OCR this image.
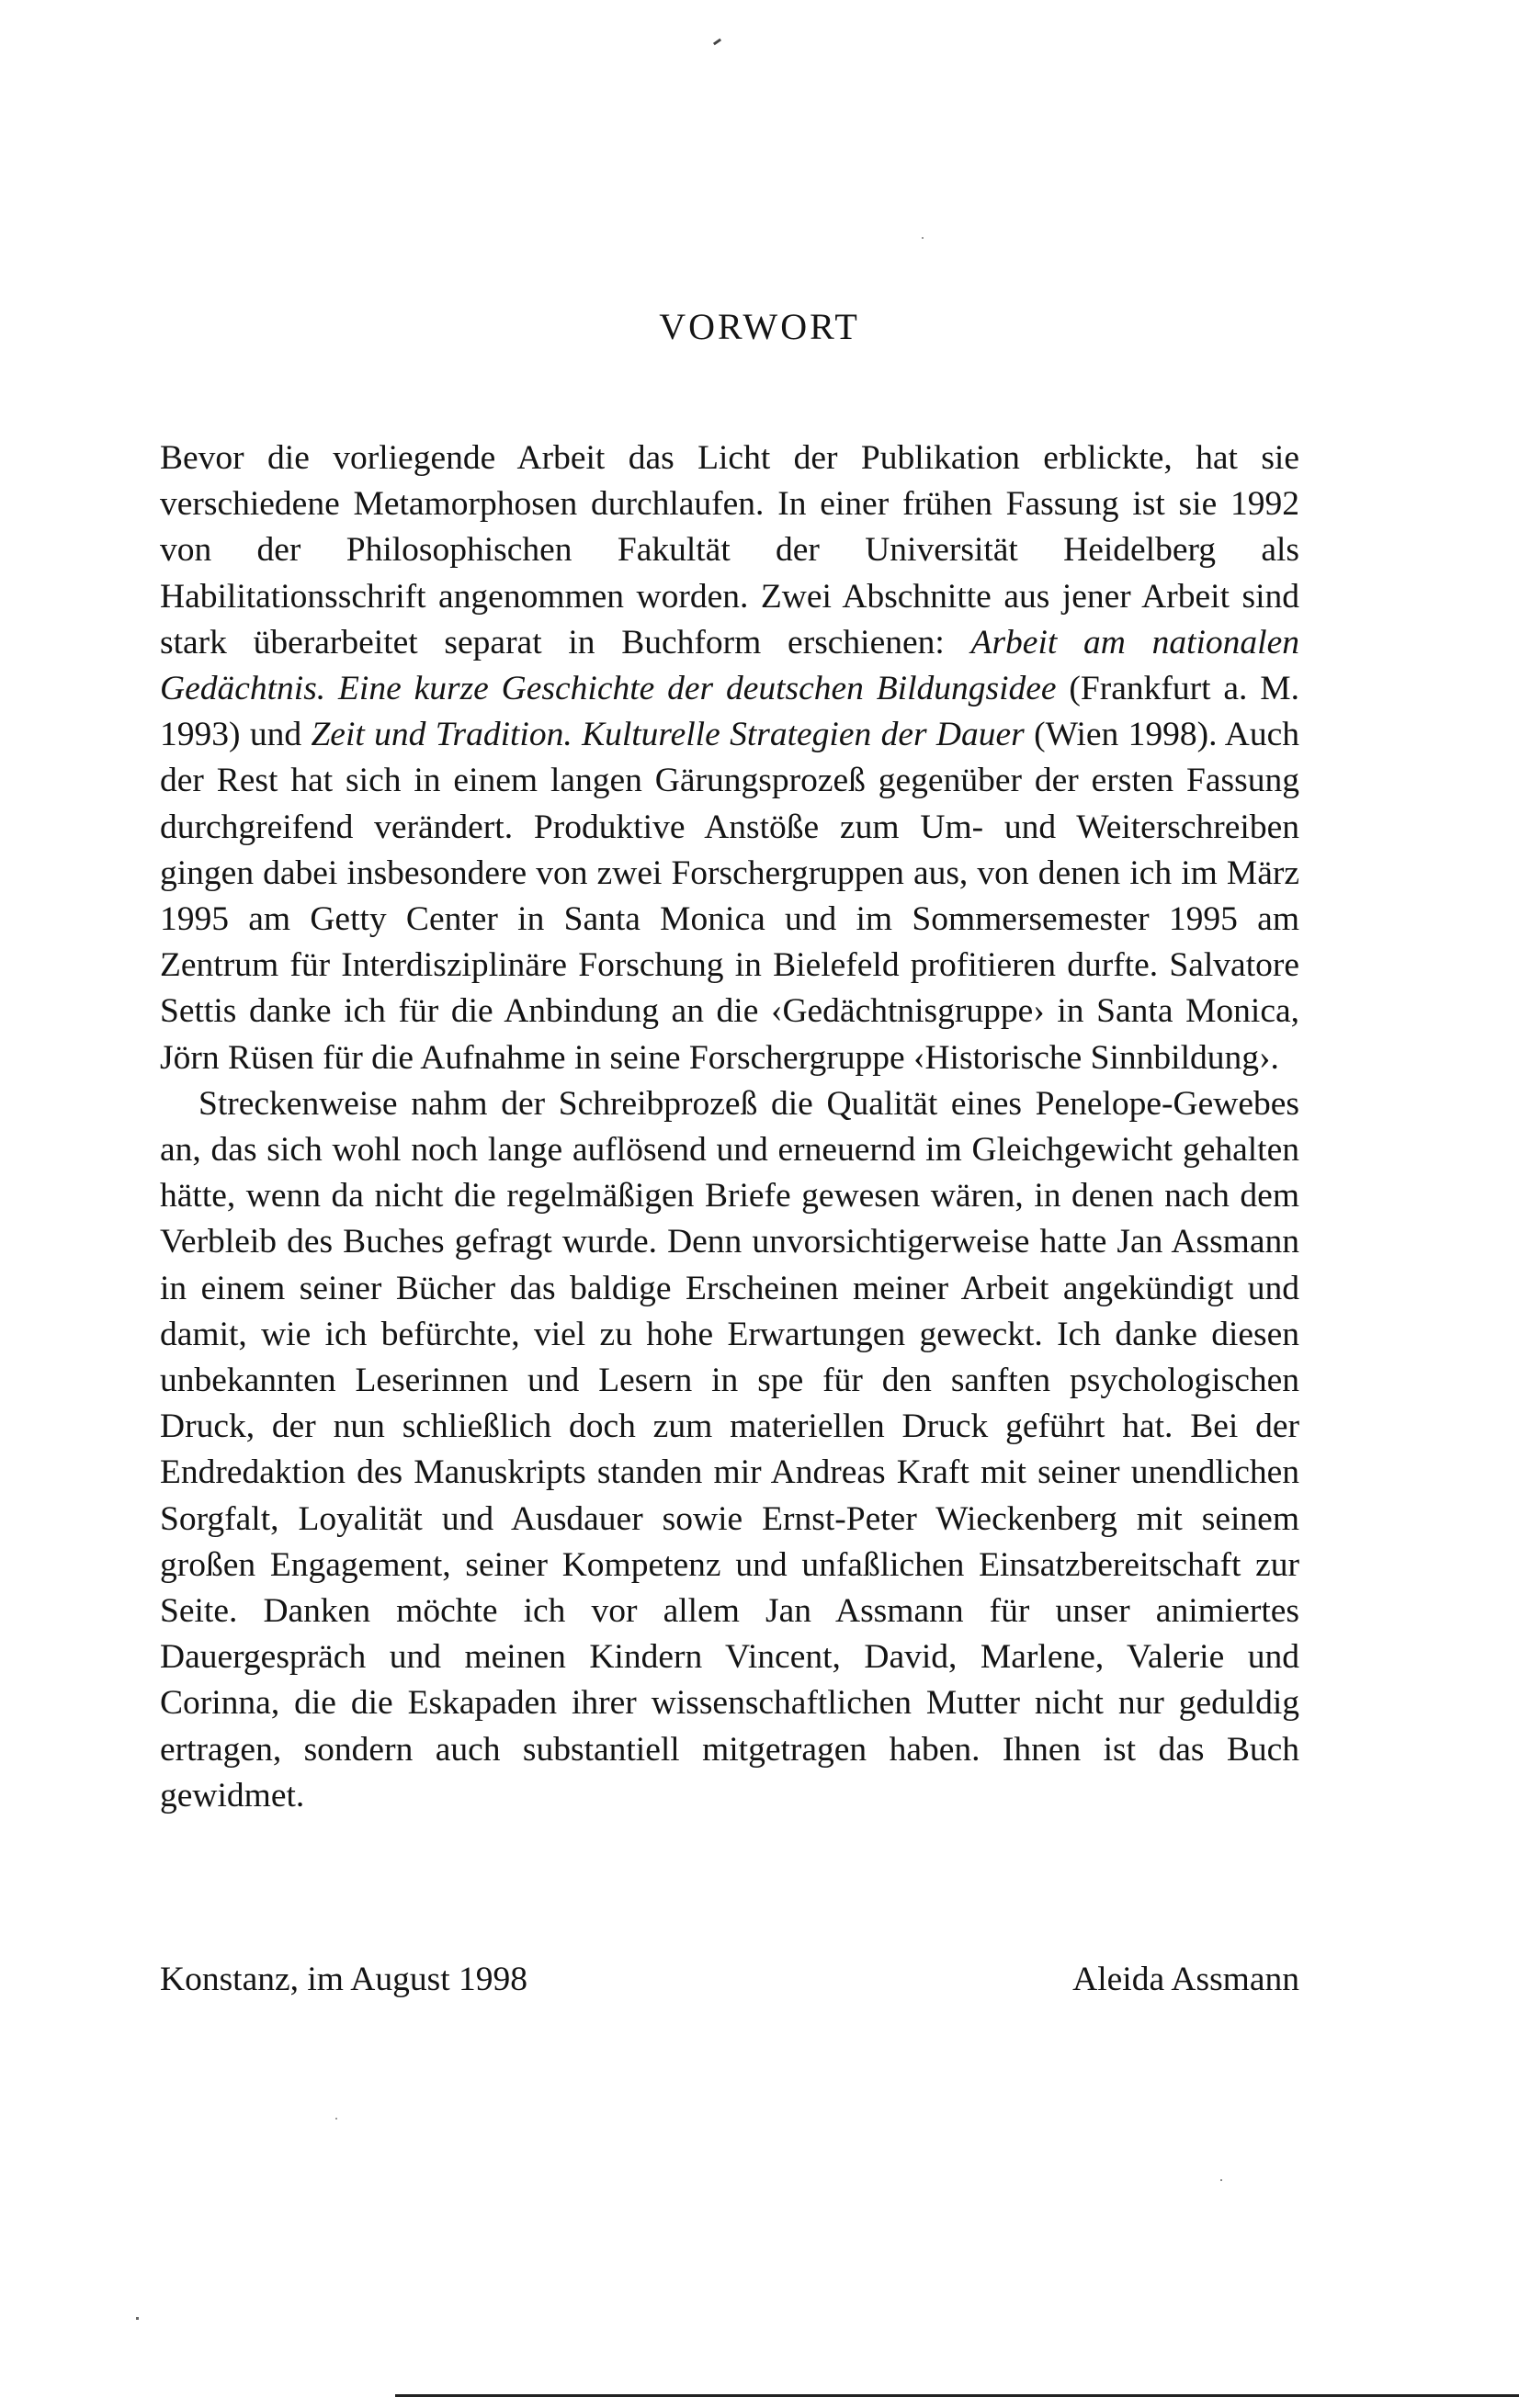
VORWORT

Bevor die vorliegende Arbeit das Licht der Publikation erblickte, hat sie verschiedene Metamorphosen durchlaufen. In einer frühen Fassung ist sie 1992 von der Philosophischen Fakultät der Universität Heidelberg als Habilitationsschrift angenommen worden. Zwei Abschnitte aus jener Arbeit sind stark überarbeitet separat in Buchform erschienen: Arbeit am nationalen Gedächtnis. Eine kurze Geschichte der deutschen Bildungsidee (Frankfurt a. M. 1993) und Zeit und Tradition. Kulturelle Strategien der Dauer (Wien 1998). Auch der Rest hat sich in einem langen Gärungsprozeß gegenüber der ersten Fassung durchgreifend verändert. Produktive Anstöße zum Um- und Weiterschreiben gingen dabei insbesondere von zwei Forschergruppen aus, von denen ich im März 1995 am Getty Center in Santa Monica und im Sommersemester 1995 am Zentrum für Interdisziplinäre Forschung in Bielefeld profitieren durfte. Salvatore Settis danke ich für die Anbindung an die ‹Gedächtnisgruppe› in Santa Monica, Jörn Rüsen für die Aufnahme in seine Forschergruppe ‹Historische Sinnbildung›.

Streckenweise nahm der Schreibprozeß die Qualität eines Penelope-Gewebes an, das sich wohl noch lange auflösend und erneuernd im Gleichgewicht gehalten hätte, wenn da nicht die regelmäßigen Briefe gewesen wären, in denen nach dem Verbleib des Buches gefragt wurde. Denn unvorsichtigerweise hatte Jan Assmann in einem seiner Bücher das baldige Erscheinen meiner Arbeit angekündigt und damit, wie ich befürchte, viel zu hohe Erwartungen geweckt. Ich danke diesen unbekannten Leserinnen und Lesern in spe für den sanften psychologischen Druck, der nun schließlich doch zum materiellen Druck geführt hat. Bei der Endredaktion des Manuskripts standen mir Andreas Kraft mit seiner unendlichen Sorgfalt, Loyalität und Ausdauer sowie Ernst-Peter Wieckenberg mit seinem großen Engagement, seiner Kompetenz und unfaßlichen Einsatzbereitschaft zur Seite. Danken möchte ich vor allem Jan Assmann für unser animiertes Dauergespräch und meinen Kindern Vincent, David, Marlene, Valerie und Corinna, die die Eskapaden ihrer wissenschaftlichen Mutter nicht nur geduldig ertragen, sondern auch substantiell mitgetragen haben. Ihnen ist das Buch gewidmet.

Konstanz, im August 1998	Aleida Assmann
